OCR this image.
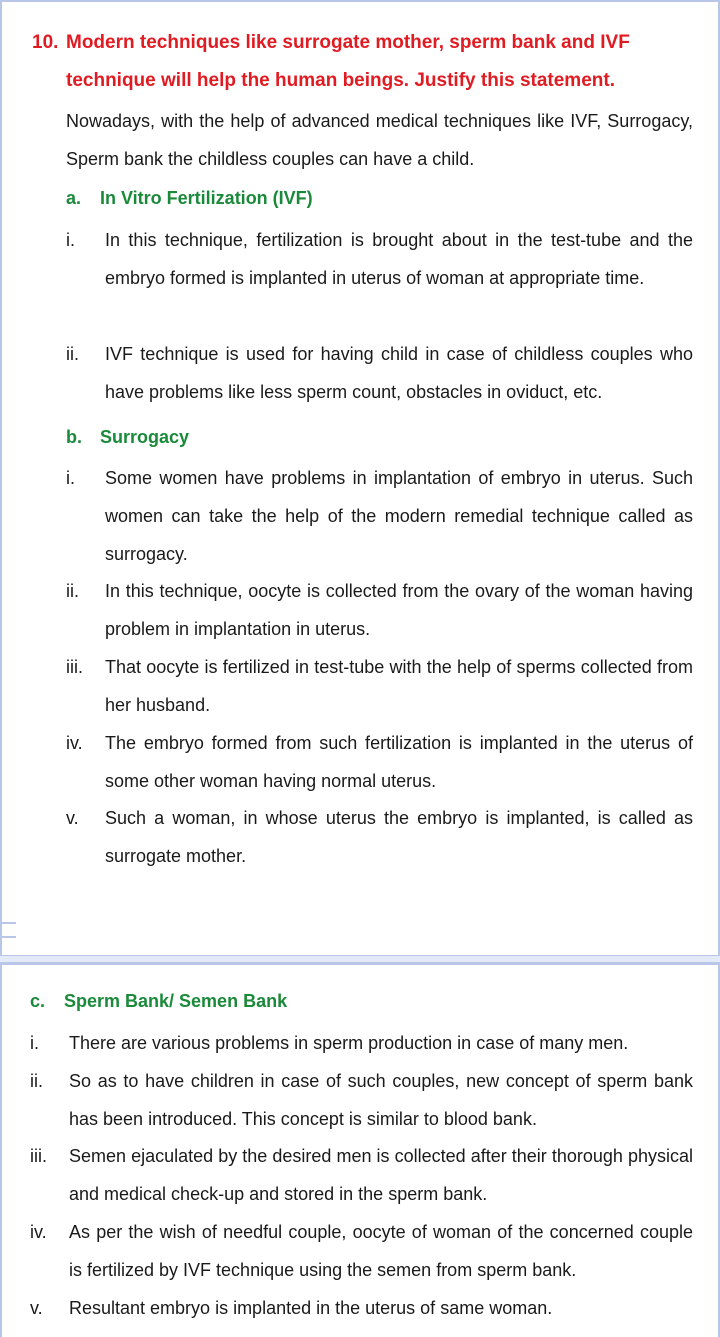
10. Modern techniques like surrogate mother, sperm bank and IVF technique will help the human beings. Justify this statement.
Nowadays, with the help of advanced medical techniques like IVF, Surrogacy, Sperm bank the childless couples can have a child.
a. In Vitro Fertilization (IVF)
i.	In this technique, fertilization is brought about in the test-tube and the embryo formed is implanted in uterus of woman at appropriate time.
ii.	IVF technique is used for having child in case of childless couples who have problems like less sperm count, obstacles in oviduct, etc.
b. Surrogacy
i.	Some women have problems in implantation of embryo in uterus. Such women can take the help of the modern remedial technique called as surrogacy.
ii.	In this technique, oocyte is collected from the ovary of the woman having problem in implantation in uterus.
iii.	That oocyte is fertilized in test-tube with the help of sperms collected from her husband.
iv.	The embryo formed from such fertilization is implanted in the uterus of some other woman having normal uterus.
v.	Such a woman, in whose uterus the embryo is implanted, is called as surrogate mother.
c. Sperm Bank/ Semen Bank
i.	There are various problems in sperm production in case of many men.
ii.	So as to have children in case of such couples, new concept of sperm bank has been introduced. This concept is similar to blood bank.
iii.	Semen ejaculated by the desired men is collected after their thorough physical and medical check-up and stored in the sperm bank.
iv.	As per the wish of needful couple, oocyte of woman of the concerned couple is fertilized by IVF technique using the semen from sperm bank.
v.	Resultant embryo is implanted in the uterus of same woman.
